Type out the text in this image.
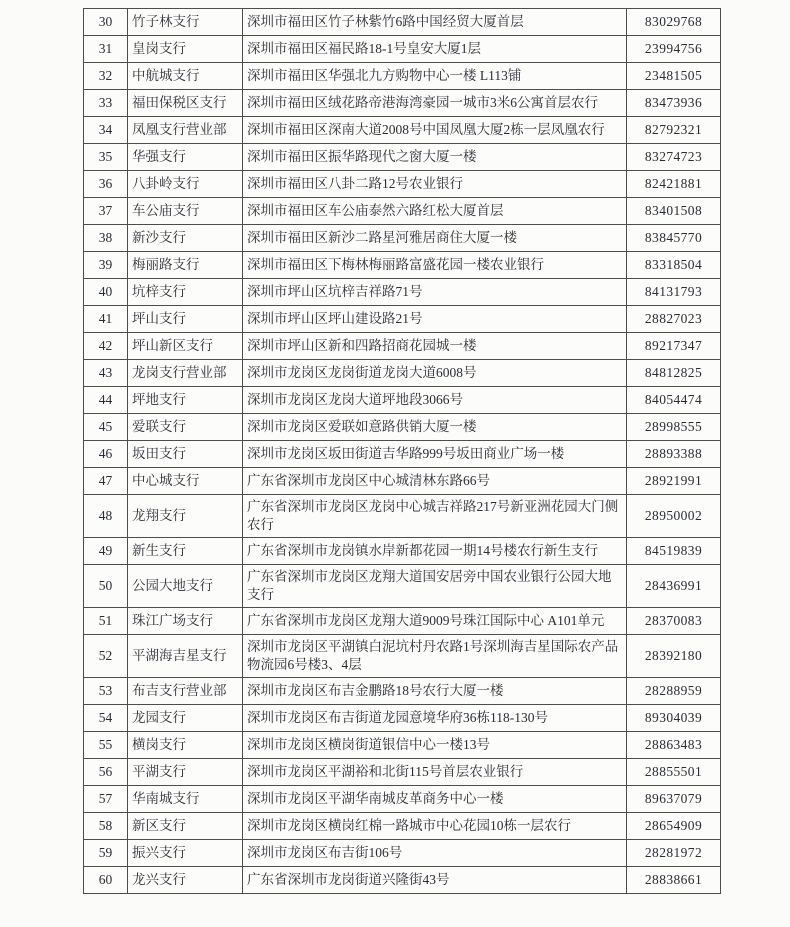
30	竹子林支行	深圳市福田区竹子林紫竹6路中国经贸大厦首层	83029768
31	皇岗支行	深圳市福田区福民路18-1号皇安大厦1层	23994756
32	中航城支行	深圳市福田区华强北九方购物中心一楼 L113铺	23481505
33	福田保税区支行	深圳市福田区绒花路帝港海湾豪园一城市3米6公寓首层农行	83473936
34	凤凰支行营业部	深圳市福田区深南大道2008号中国凤凰大厦2栋一层凤凰农行	82792321
35	华强支行	深圳市福田区振华路现代之窗大厦一楼	83274723
36	八卦岭支行	深圳市福田区八卦二路12号农业银行	82421881
37	车公庙支行	深圳市福田区车公庙泰然六路红松大厦首层	83401508
38	新沙支行	深圳市福田区新沙二路星河雅居商住大厦一楼	83845770
39	梅丽路支行	深圳市福田区下梅林梅丽路富盛花园一楼农业银行	83318504
40	坑梓支行	深圳市坪山区坑梓吉祥路71号	84131793
41	坪山支行	深圳市坪山区坪山建设路21号	28827023
42	坪山新区支行	深圳市坪山区新和四路招商花园城一楼	89217347
43	龙岗支行营业部	深圳市龙岗区龙岗街道龙岗大道6008号	84812825
44	坪地支行	深圳市龙岗区龙岗大道坪地段3066号	84054474
45	爱联支行	深圳市龙岗区爱联如意路供销大厦一楼	28998555
46	坂田支行	深圳市龙岗区坂田街道吉华路999号坂田商业广场一楼	28893388
47	中心城支行	广东省深圳市龙岗区中心城清林东路66号	28921991
48	龙翔支行	广东省深圳市龙岗区龙岗中心城吉祥路217号新亚洲花园大门侧农行	28950002
49	新生支行	广东省深圳市龙岗镇水岸新都花园一期14号楼农行新生支行	84519839
50	公园大地支行	广东省深圳市龙岗区龙翔大道国安居旁中国农业银行公园大地支行	28436991
51	珠江广场支行	广东省深圳市龙岗区龙翔大道9009号珠江国际中心 A101单元	28370083
52	平湖海吉星支行	深圳市龙岗区平湖镇白泥坑村丹农路1号深圳海吉星国际农产品物流园6号楼3、4层	28392180
53	布吉支行营业部	深圳市龙岗区布吉金鹏路18号农行大厦一楼	28288959
54	龙园支行	深圳市龙岗区布吉街道龙园意境华府36栋118-130号	89304039
55	横岗支行	深圳市龙岗区横岗街道银信中心一楼13号	28863483
56	平湖支行	深圳市龙岗区平湖裕和北街115号首层农业银行	28855501
57	华南城支行	深圳市龙岗区平湖华南城皮革商务中心一楼	89637079
58	新区支行	深圳市龙岗区横岗红棉一路城市中心花园10栋一层农行	28654909
59	振兴支行	深圳市龙岗区布吉街106号	28281972
60	龙兴支行	广东省深圳市龙岗街道兴隆街43号	28838661
